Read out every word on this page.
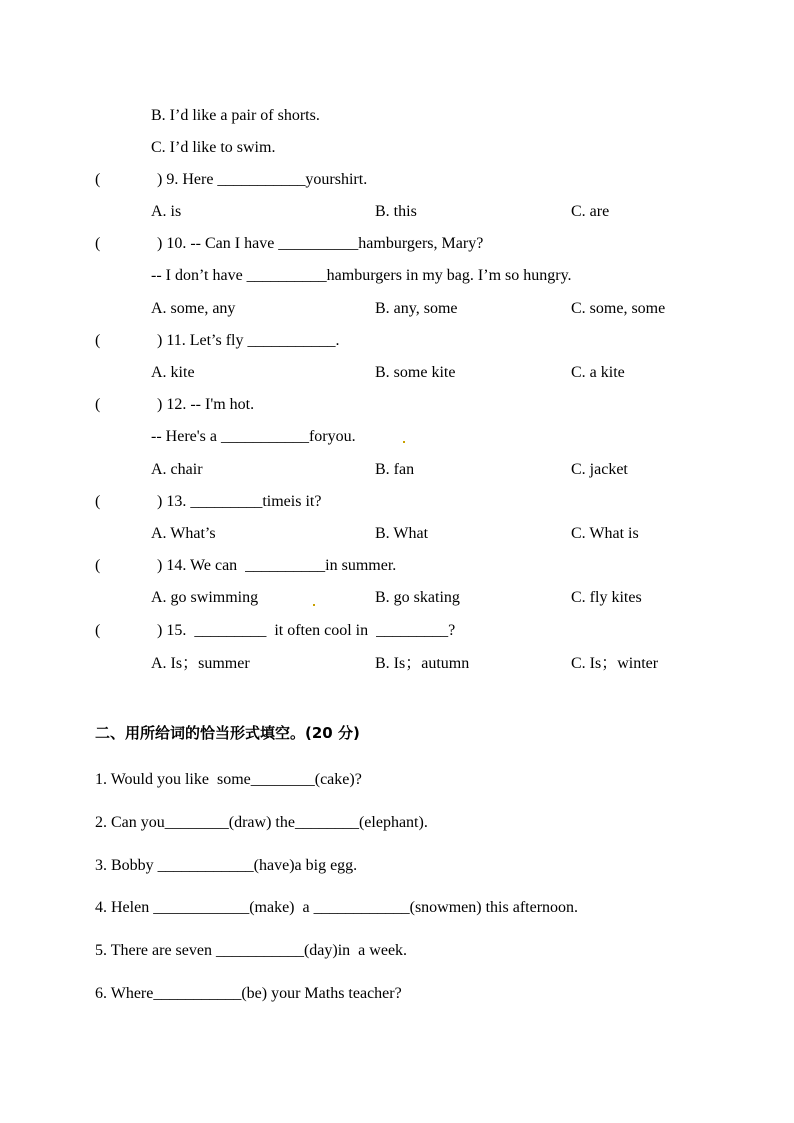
B. I’d like a pair of shorts.
C. I’d like to swim.
(	) 9. Here ___________yourshirt.
A. is	B. this	C. are
(	) 10. -- Can I have __________hamburgers, Mary?
-- I don’t have __________hamburgers in my bag. I’m so hungry.
A. some, any	B. any, some	C. some, some
(	) 11. Let’s fly ___________.
A. kite	B. some kite	C. a kite
(	) 12. -- I'm hot.
-- Here's a ___________foryou.
A. chair	B. fan	C. jacket
(	) 13. _________timeis it?
A. What’s	B. What	C. What is
(	) 14. We can  __________in summer.
A. go swimming	B. go skating	C. fly kites
(	) 15.  _________  it often cool in  _________?
A. Is；summer	B. Is；autumn	C. Is；winter
二、用所给词的恰当形式填空。(20 分)
1. Would you like  some________(cake)?
2. Can you________(draw) the________(elephant).
3. Bobby ____________(have)a big egg.
4. Helen ____________(make)  a ____________(snowmen) this afternoon.
5. There are seven ___________(day)in  a week.
6. Where___________(be) your Maths teacher?
